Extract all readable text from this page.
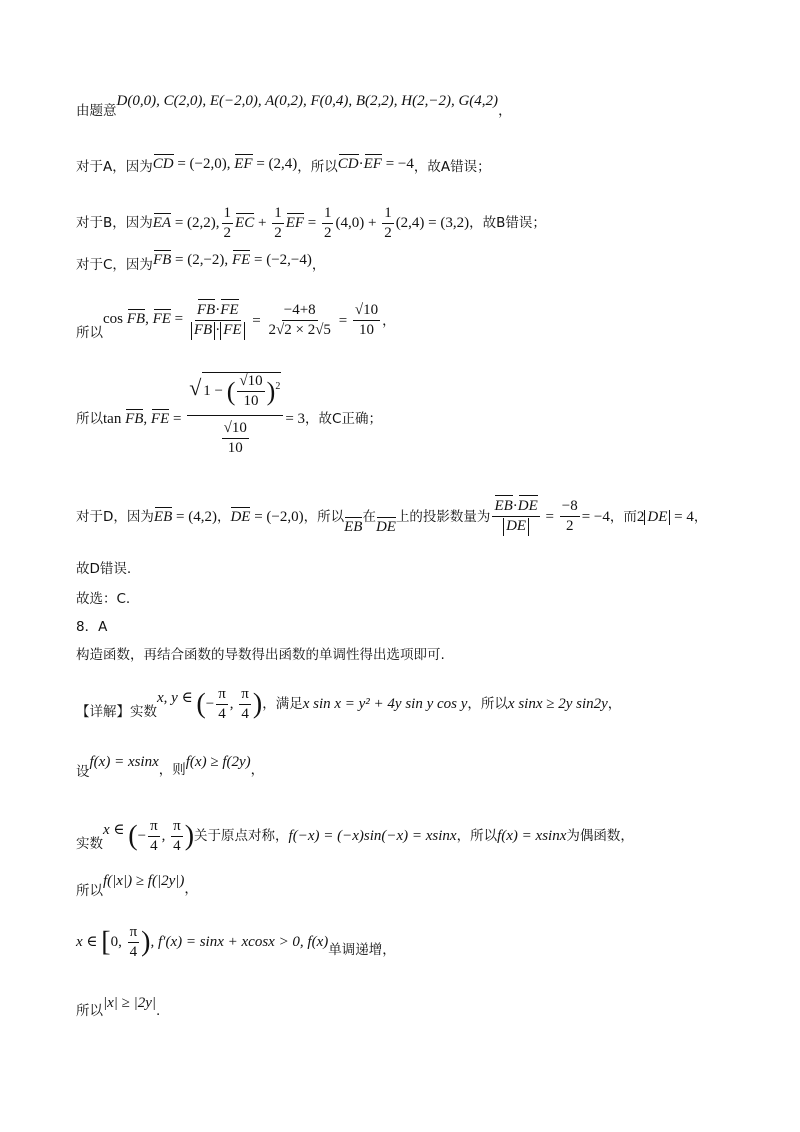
由题意D(0,0), C(2,0), E(−2,0), A(0,2), F(0,4), B(2,2), H(2,−2), G(4,2)，
对于A，因为CD = (−2,0), EF = (2,4)，所以CD·EF = −4，故A错误；
对于B，因为EA = (2,2), $\frac{1}{2}$ EC + $\frac{1}{2}$ EF = $\frac{1}{2} (4,0) + \frac{1}{2} (2,4) = (3,2)$，故B错误；
对于C，因为FB = (2,−2), FE = (−2,−4)，
所以cos FB, FE = $\frac{FB\cdot FE}{FB \cdot FE} = \frac{-4+8}{2√2 \times 2√5} = \frac{√10}{10}$ ，
所以tan FB, FE = $\frac{√ 1 - ( \frac{√10}{10} )^2}{\frac{√10}{10}} = 3$，故C正确；
对于D，因为EB = (4,2)，DE = (−2,0)，所以EB在DE上的投影数量为 $\frac{EB\cdot DE}{DE} = \frac{-8}{2} = -4$，而2 DE = 4，
故D错误.
故选：C.
8．A
构造函数，再结合函数的导数得出函数的单调性得出选项即可.
【详解】实数x, y ∈ (− $\frac{\pi}{4}$ , $\frac{\pi}{4}$ )，满足x sin x = y² + 4y sin y cos y，所以x sinx ≥ 2y sin2y，
设f(x) = xsinx，则f(x) ≥ f(2y)，
实数x ∈ (− $\frac{\pi}{4}$ , $\frac{\pi}{4}$ )关于原点对称，f(−x) = (−x)sin(−x) = xsinx，所以f(x) = xsinx为偶函数，
所以f(|x|) ≥ f(|2y|)，
x ∈ [0, $\frac{\pi}{4}$ ), f′(x) = sinx + xcosx > 0, f(x)单调递增，
所以|x| ≥ |2y|.
